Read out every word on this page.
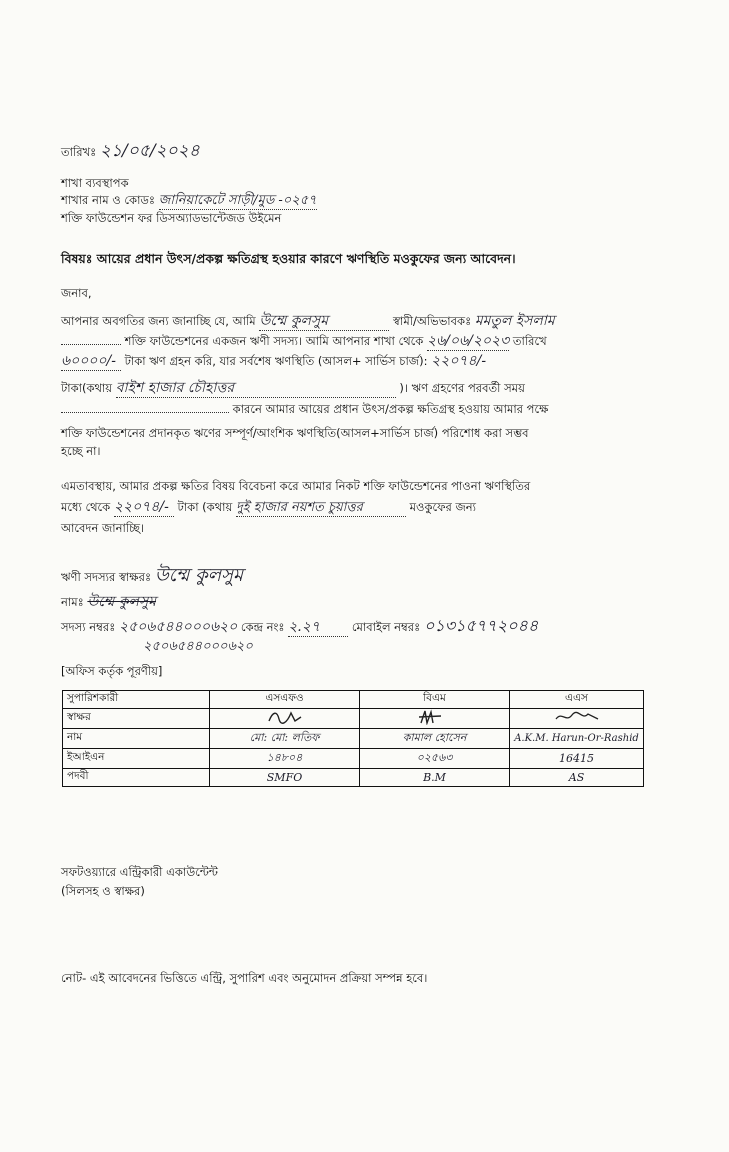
তারিখঃ ২১/০৫/২০২৪
শাখা ব্যবস্থাপক
শাখার নাম ও কোডঃ জানিয়াকেটে সাড়ী/মুড -০২৫৭
শক্তি ফাউন্ডেশন ফর ডিসঅ্যাডভান্টেজড উইমেন
বিষয়ঃ আয়ের প্রধান উৎস/প্রকল্প ক্ষতিগ্রস্থ হওয়ার কারণে ঋণস্থিতি মওকুফের জন্য আবেদন।
জনাব,
আপনার অবগতির জন্য জানাচ্ছি যে, আমি উম্মে কুলসুম	স্বামী/অভিভাবকঃ মমতুল ইসলাম
শক্তি ফাউন্ডেশনের একজন ঋণী সদস্য। আমি আপনার শাখা থেকে ২৬/০৬/২০২৩ তারিখে
৬০০০০/- টাকা ঋণ গ্রহন করি, যার সর্বশেষ ঋণস্থিতি (আসল+ সার্ভিস চার্জ): ২২০৭৪/-
টাকা(কথায় বাইশ হাজার চৌহাত্তর	)। ঋণ গ্রহণের পরবর্তী সময়
কারনে আমার আয়ের প্রধান উৎস/প্রকল্প ক্ষতিগ্রস্থ হওয়ায় আমার পক্ষে
শক্তি ফাউন্ডেশনের প্রদানকৃত ঋণের সম্পূর্ণ/আংশিক ঋণস্থিতি(আসল+সার্ভিস চার্জ) পরিশোধ করা সম্ভব
হচ্ছে না।
এমতাবস্থায়, আমার প্রকল্প ক্ষতির বিষয় বিবেচনা করে আমার নিকট শক্তি ফাউন্ডেশনের পাওনা ঋণস্থিতির
মধ্যে থেকে ২২০৭৪/- টাকা (কথায় দুই হাজার নয়শত চুয়াত্তর	মওকুফের জন্য
আবেদন জানাচ্ছি।
ঋণী সদস্যর স্বাক্ষরঃ উম্মে কুলসুম
নামঃ উম্মে কুলসুম
সদস্য নম্বরঃ ২৫০৬৫৪৪০০০৬২০ কেন্দ্র নংঃ ২.২৭	মোবাইল নম্বরঃ ০১৩১৫৭৭২০৪৪
২৫০৬৫৪৪০০০৬২০
[অফিস কর্তৃক পূরণীয়]
সুপারিশকারী	এসএফও	বিএম	এএস
স্বাক্ষর			
নাম	মো: মো: লতিফ	কামাল হোসেন	A.K.M. Harun-Or-Rashid
ইআইএন	১৪৮০৪	০২৫৬৩	16415
পদবী	SMFO	B.M	AS
সফটওয়্যারে এন্ট্রিকারী একাউন্টেন্ট
(সিলসহ ও স্বাক্ষর)
নোট- এই আবেদনের ভিত্তিতে এন্ট্রি, সুপারিশ এবং অনুমোদন প্রক্রিয়া সম্পন্ন হবে।
